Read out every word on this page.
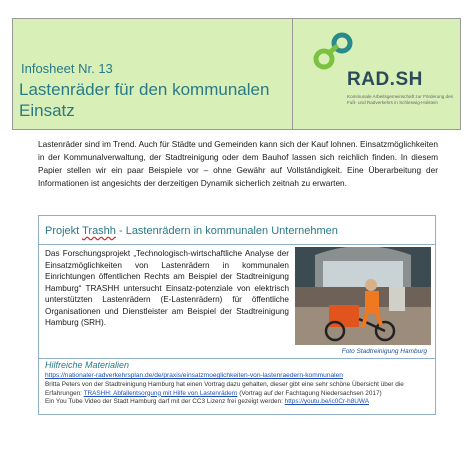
Infosheet Nr. 13
Lastenräder für den kommunalen Einsatz
RAD.SH
Kommunale Arbeitsgemeinschaft zur Förderung des Fuß- und Radverkehrs in Schleswig-Holstein
Lastenräder sind im Trend. Auch für Städte und Gemeinden kann sich der Kauf lohnen. Einsatzmöglichkeiten in der Kommunalverwaltung, der Stadtreinigung oder dem Bauhof lassen sich reichlich finden. In diesem Papier stellen wir ein paar Beispiele vor – ohne Gewähr auf Vollständigkeit. Eine Überarbeitung der Informationen ist angesichts der derzeitigen Dynamik sicherlich zeitnah zu erwarten.
Projekt Trashh - Lastenrädern in kommunalen Unternehmen
Das Forschungsprojekt „Technologisch-wirtschaftliche Analyse der Einsatzmöglichkeiten von Lastenrädern in kommunalen Einrichtungen öffentlichen Rechts am Beispiel der Stadtreinigung Hamburg“ TRASHH untersucht Einsatz-potenziale von elektrisch unterstützten Lastenrädern (E-Lastenrädern) für öffentliche Organisationen und Dienstleister am Beispiel der Stadtreinigung Hamburg (SRH).
Foto Stadtreinigung Hamburg
Hilfreiche Materialien
https://nationaler-radverkehrsplan.de/de/praxis/einsatzmoeglichkeiten-von-lastenraedern-kommunalen
Britta Peters von der Stadtreinigung Hamburg hat einen Vortrag dazu gehalten, dieser gibt eine sehr schöne Übersicht über die Erfahrungen: TRASHH: Abfallentsorgung mit Hilfe von Lastenrädern (Vortrag auf der Fachtagung Niedersachsen 2017)
Ein You Tube Video der Stadt Hamburg darf mit der CC3 Lizenz frei gezeigt werden: https://youtu.be/ic0Cr-h8UWA
